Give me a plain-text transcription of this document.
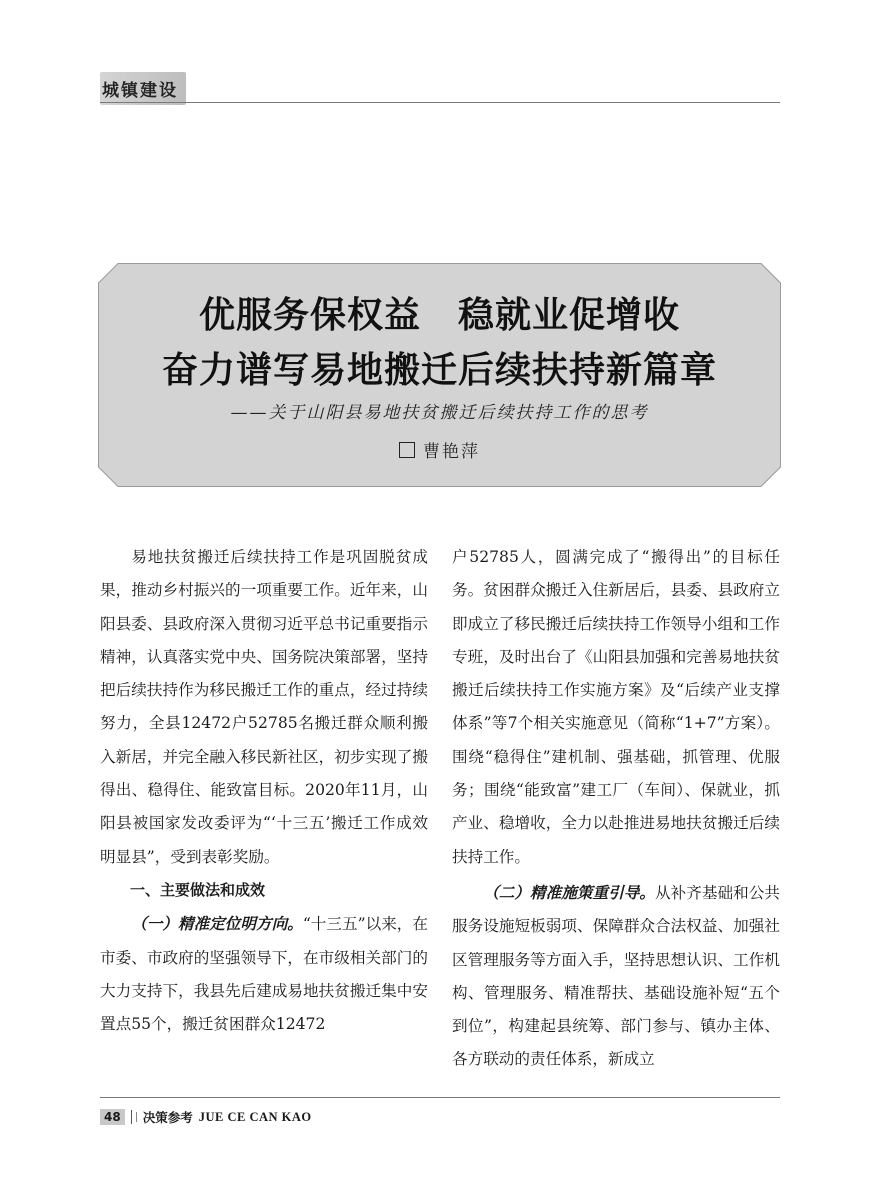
城镇建设
优服务保权益　稳就业促增收
奋力谱写易地搬迁后续扶持新篇章
——关于山阳县易地扶贫搬迁后续扶持工作的思考
曹艳萍

易地扶贫搬迁后续扶持工作是巩固脱贫成果，推动乡村振兴的一项重要工作。近年来，山阳县委、县政府深入贯彻习近平总书记重要指示精神，认真落实党中央、国务院决策部署，坚持把后续扶持作为移民搬迁工作的重点，经过持续努力，全县12472户52785名搬迁群众顺利搬入新居，并完全融入移民新社区，初步实现了搬得出、稳得住、能致富目标。2020年11月，山阳县被国家发改委评为“‘十三五’搬迁工作成效明显县”，受到表彰奖励。

一、主要做法和成效

（一）精准定位明方向。“十三五”以来，在市委、市政府的坚强领导下，在市级相关部门的大力支持下，我县先后建成易地扶贫搬迁集中安置点55个，搬迁贫困群众12472

户52785人，圆满完成了“搬得出”的目标任务。贫困群众搬迁入住新居后，县委、县政府立即成立了移民搬迁后续扶持工作领导小组和工作专班，及时出台了《山阳县加强和完善易地扶贫搬迁后续扶持工作实施方案》及“后续产业支撑体系”等7个相关实施意见（简称“1+7”方案）。围绕“稳得住”建机制、强基础，抓管理、优服务；围绕“能致富”建工厂（车间）、保就业，抓产业、稳增收，全力以赴推进易地扶贫搬迁后续扶持工作。

（二）精准施策重引导。从补齐基础和公共服务设施短板弱项、保障群众合法权益、加强社区管理服务等方面入手，坚持思想认识、工作机构、管理服务、精准帮扶、基础设施补短“五个到位”，构建起县统筹、部门参与、镇办主体、各方联动的责任体系，新成立

48	决策参考 JUE CE CAN KAO
